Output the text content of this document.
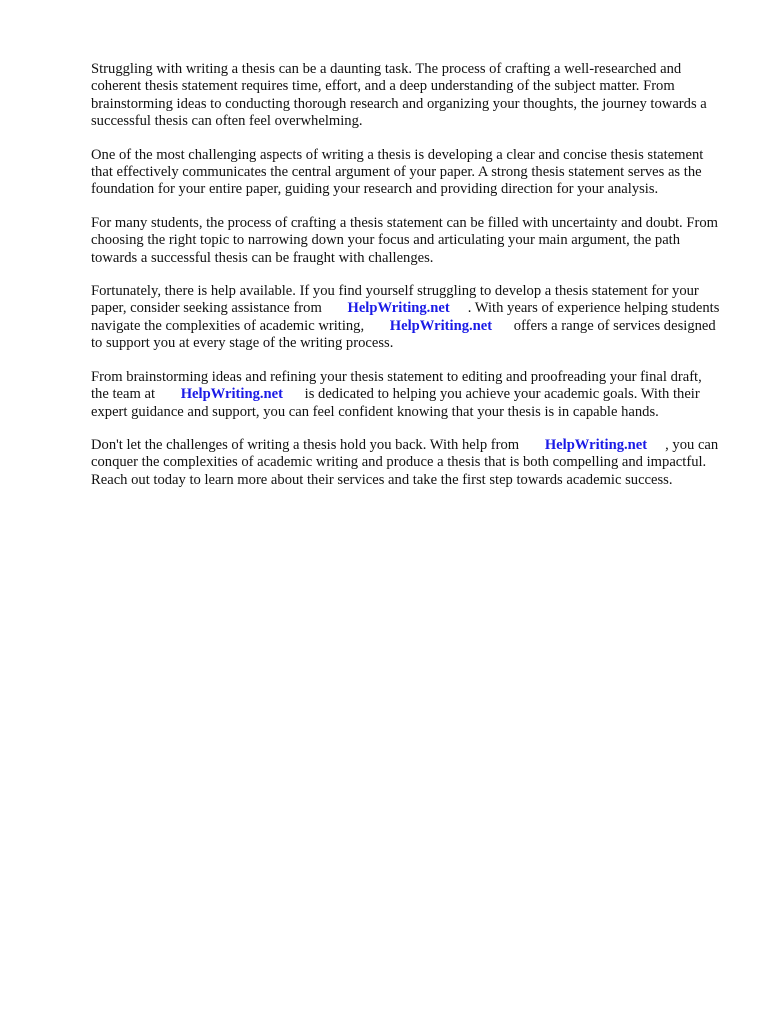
Struggling with writing a thesis can be a daunting task. The process of crafting a well-researched and coherent thesis statement requires time, effort, and a deep understanding of the subject matter. From brainstorming ideas to conducting thorough research and organizing your thoughts, the journey towards a successful thesis can often feel overwhelming.

One of the most challenging aspects of writing a thesis is developing a clear and concise thesis statement that effectively communicates the central argument of your paper. A strong thesis statement serves as the foundation for your entire paper, guiding your research and providing direction for your analysis.

For many students, the process of crafting a thesis statement can be filled with uncertainty and doubt. From choosing the right topic to narrowing down your focus and articulating your main argument, the path towards a successful thesis can be fraught with challenges.

Fortunately, there is help available. If you find yourself struggling to develop a thesis statement for your paper, consider seeking assistance from HelpWriting.net . With years of experience helping students navigate the complexities of academic writing, HelpWriting.net offers a range of services designed to support you at every stage of the writing process.

From brainstorming ideas and refining your thesis statement to editing and proofreading your final draft, the team at HelpWriting.net is dedicated to helping you achieve your academic goals. With their expert guidance and support, you can feel confident knowing that your thesis is in capable hands.

Don't let the challenges of writing a thesis hold you back. With help from HelpWriting.net , you can conquer the complexities of academic writing and produce a thesis that is both compelling and impactful. Reach out today to learn more about their services and take the first step towards academic success.
